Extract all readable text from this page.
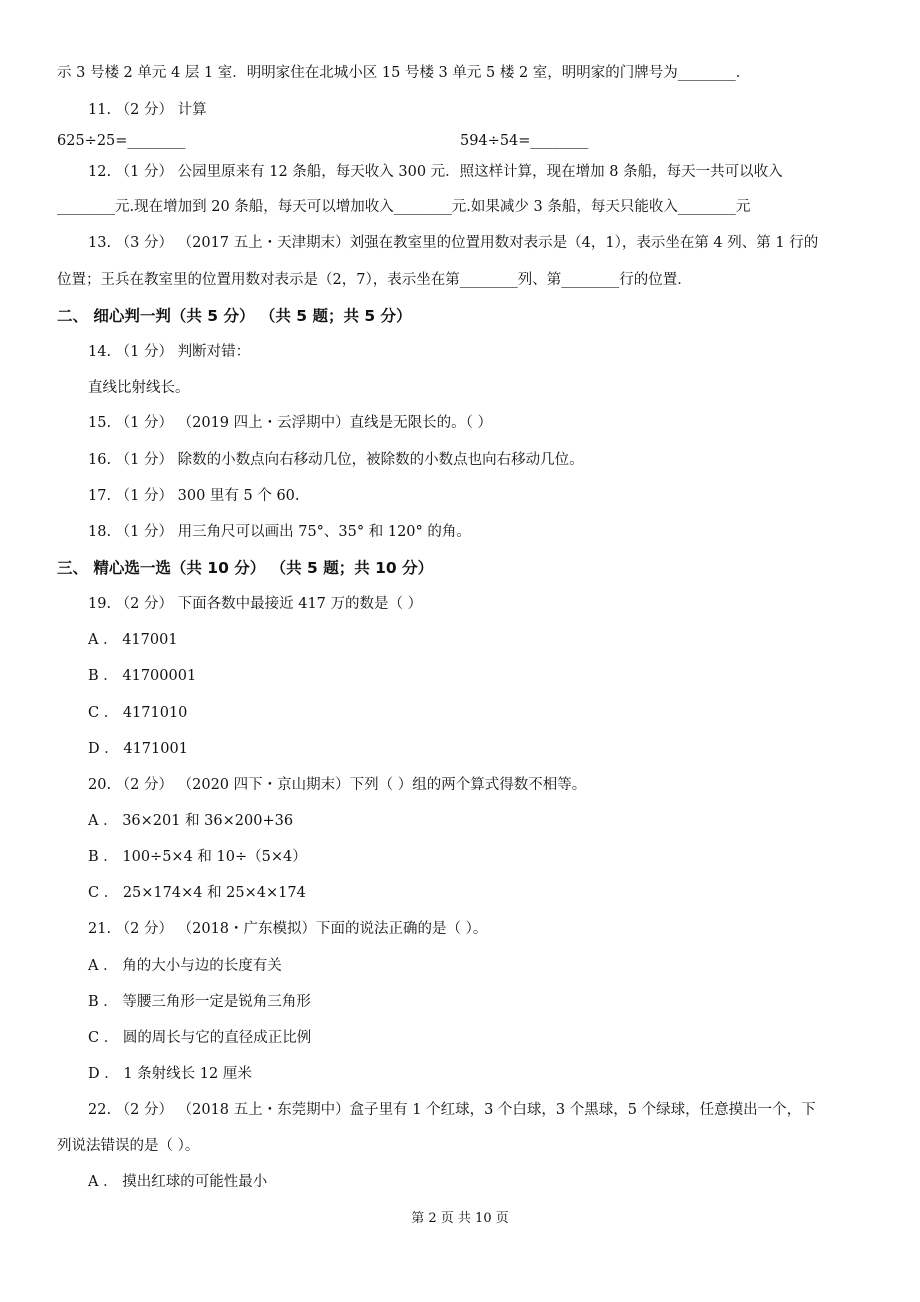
示 3 号楼 2 单元 4 层 1 室．明明家住在北城小区 15 号楼 3 单元 5 楼 2 室，明明家的门牌号为________．
11. （2 分） 计算
625÷25=________	594÷54=________
12. （1 分） 公园里原来有 12 条船，每天收入 300 元．照这样计算，现在增加 8 条船，每天一共可以收入
________元.现在增加到 20 条船，每天可以增加收入________元.如果减少 3 条船，每天只能收入________元
13. （3 分） （2017 五上・天津期末）刘强在教室里的位置用数对表示是（4，1），表示坐在第 4 列、第 1 行的
位置；王兵在教室里的位置用数对表示是（2，7），表示坐在第________列、第________行的位置．
二、 细心判一判（共 5 分） （共 5 题；共 5 分）
14. （1 分） 判断对错：
直线比射线长。
15. （1 分） （2019 四上・云浮期中）直线是无限长的。（ ）
16. （1 分） 除数的小数点向右移动几位，被除数的小数点也向右移动几位。
17. （1 分） 300 里有 5 个 60.
18. （1 分） 用三角尺可以画出 75°、35° 和 120° 的角。
三、 精心选一选（共 10 分） （共 5 题；共 10 分）
19. （2 分） 下面各数中最接近 417 万的数是（ ）
A ． 417001
B ． 41700001
C ． 4171010
D ． 4171001
20. （2 分） （2020 四下・京山期末）下列（ ）组的两个算式得数不相等。
A ． 36×201 和 36×200+36
B ． 100÷5×4 和 10÷（5×4）
C ． 25×174×4 和 25×4×174
21. （2 分） （2018・广东模拟）下面的说法正确的是（ ）。
A ． 角的大小与边的长度有关
B ． 等腰三角形一定是锐角三角形
C ． 圆的周长与它的直径成正比例
D ． 1 条射线长 12 厘米
22. （2 分） （2018 五上・东莞期中）盒子里有 1 个红球，3 个白球，3 个黑球，5 个绿球，任意摸出一个，下
列说法错误的是（ ）。
A ． 摸出红球的可能性最小
第 2 页 共 10 页
